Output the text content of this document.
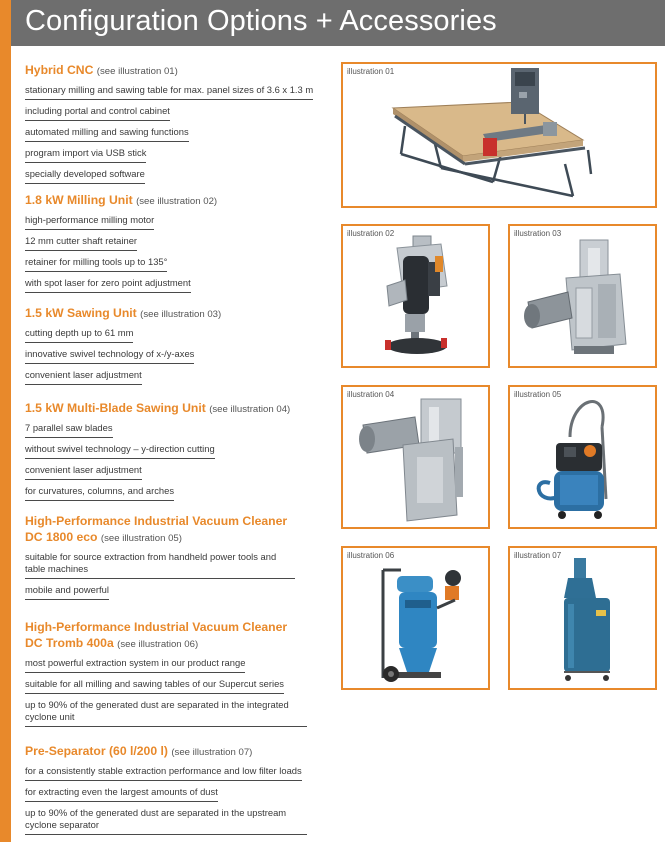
Configuration Options + Accessories
Hybrid CNC (see illustration 01)
stationary milling and sawing table for max. panel sizes of 3.6 x 1.3 m
including portal and control cabinet
automated milling and sawing functions
program import via USB stick
specially developed software
1.8 kW Milling Unit (see illustration 02)
high-performance milling motor
12 mm cutter shaft retainer
retainer for milling tools up to 135°
with spot laser for zero point adjustment
1.5 kW Sawing Unit (see illustration 03)
cutting depth up to 61 mm
innovative swivel technology of x-/y-axes
convenient laser adjustment
1.5 kW Multi-Blade Sawing Unit (see illustration 04)
7 parallel saw blades
without swivel technology – y-direction cutting
convenient laser adjustment
for curvatures, columns, and arches
High-Performance Industrial Vacuum Cleaner
DC 1800 eco (see illustration 05)
suitable for source extraction from handheld power tools and table machines
mobile and powerful
High-Performance Industrial Vacuum Cleaner
DC Tromb 400a (see illustration 06)
most powerful extraction system in our product range
suitable for all milling and sawing tables of our Supercut series
up to 90% of the generated dust are separated in the integrated cyclone unit
Pre-Separator (60 l/200 l) (see illustration 07)
for a consistently stable extraction performance and low filter loads
for extracting even the largest amounts of dust
up to 90% of the generated dust are separated in the upstream cyclone separator
illustration 01
illustration 02	illustration 03
illustration 04	illustration 05
illustration 06	illustration 07
